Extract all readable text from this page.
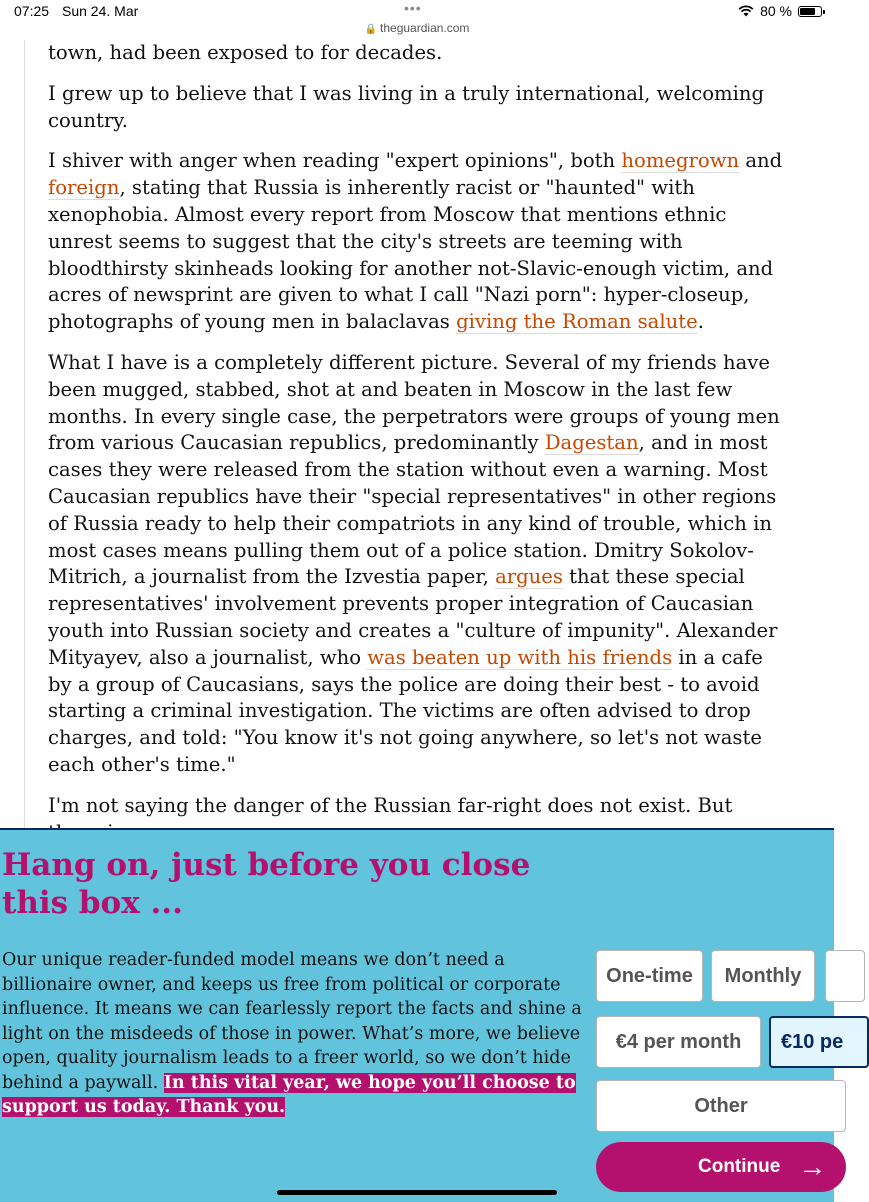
07:25 Sun 24. Mar	•••	80 %
🔒 theguardian.com

town, had been exposed to for decades.

I grew up to believe that I was living in a truly international, welcoming country.

I shiver with anger when reading "expert opinions", both homegrown and foreign, stating that Russia is inherently racist or "haunted" with xenophobia. Almost every report from Moscow that mentions ethnic unrest seems to suggest that the city's streets are teeming with bloodthirsty skinheads looking for another not-Slavic-enough victim, and acres of newsprint are given to what I call "Nazi porn": hyper-closeup, photographs of young men in balaclavas giving the Roman salute.

What I have is a completely different picture. Several of my friends have been mugged, stabbed, shot at and beaten in Moscow in the last few months. In every single case, the perpetrators were groups of young men from various Caucasian republics, predominantly Dagestan, and in most cases they were released from the station without even a warning. Most Caucasian republics have their "special representatives" in other regions of Russia ready to help their compatriots in any kind of trouble, which in most cases means pulling them out of a police station. Dmitry Sokolov-Mitrich, a journalist from the Izvestia paper, argues that these special representatives' involvement prevents proper integration of Caucasian youth into Russian society and creates a "culture of impunity". Alexander Mityayev, also a journalist, who was beaten up with his friends in a cafe by a group of Caucasians, says the police are doing their best - to avoid starting a criminal investigation. The victims are often advised to drop charges, and told: "You know it's not going anywhere, so let's not waste each other's time."

I'm not saying the danger of the Russian far-right does not exist. But

Hang on, just before you close this box ...
Our unique reader-funded model means we don’t need a billionaire owner, and keeps us free from political or corporate influence. It means we can fearlessly report the facts and shine a light on the misdeeds of those in power. What’s more, we believe open, quality journalism leads to a freer world, so we don’t hide behind a paywall. In this vital year, we hope you’ll choose to support us today. Thank you.
One-time	Monthly
€4 per month	€10 pe
Other
Continue →
